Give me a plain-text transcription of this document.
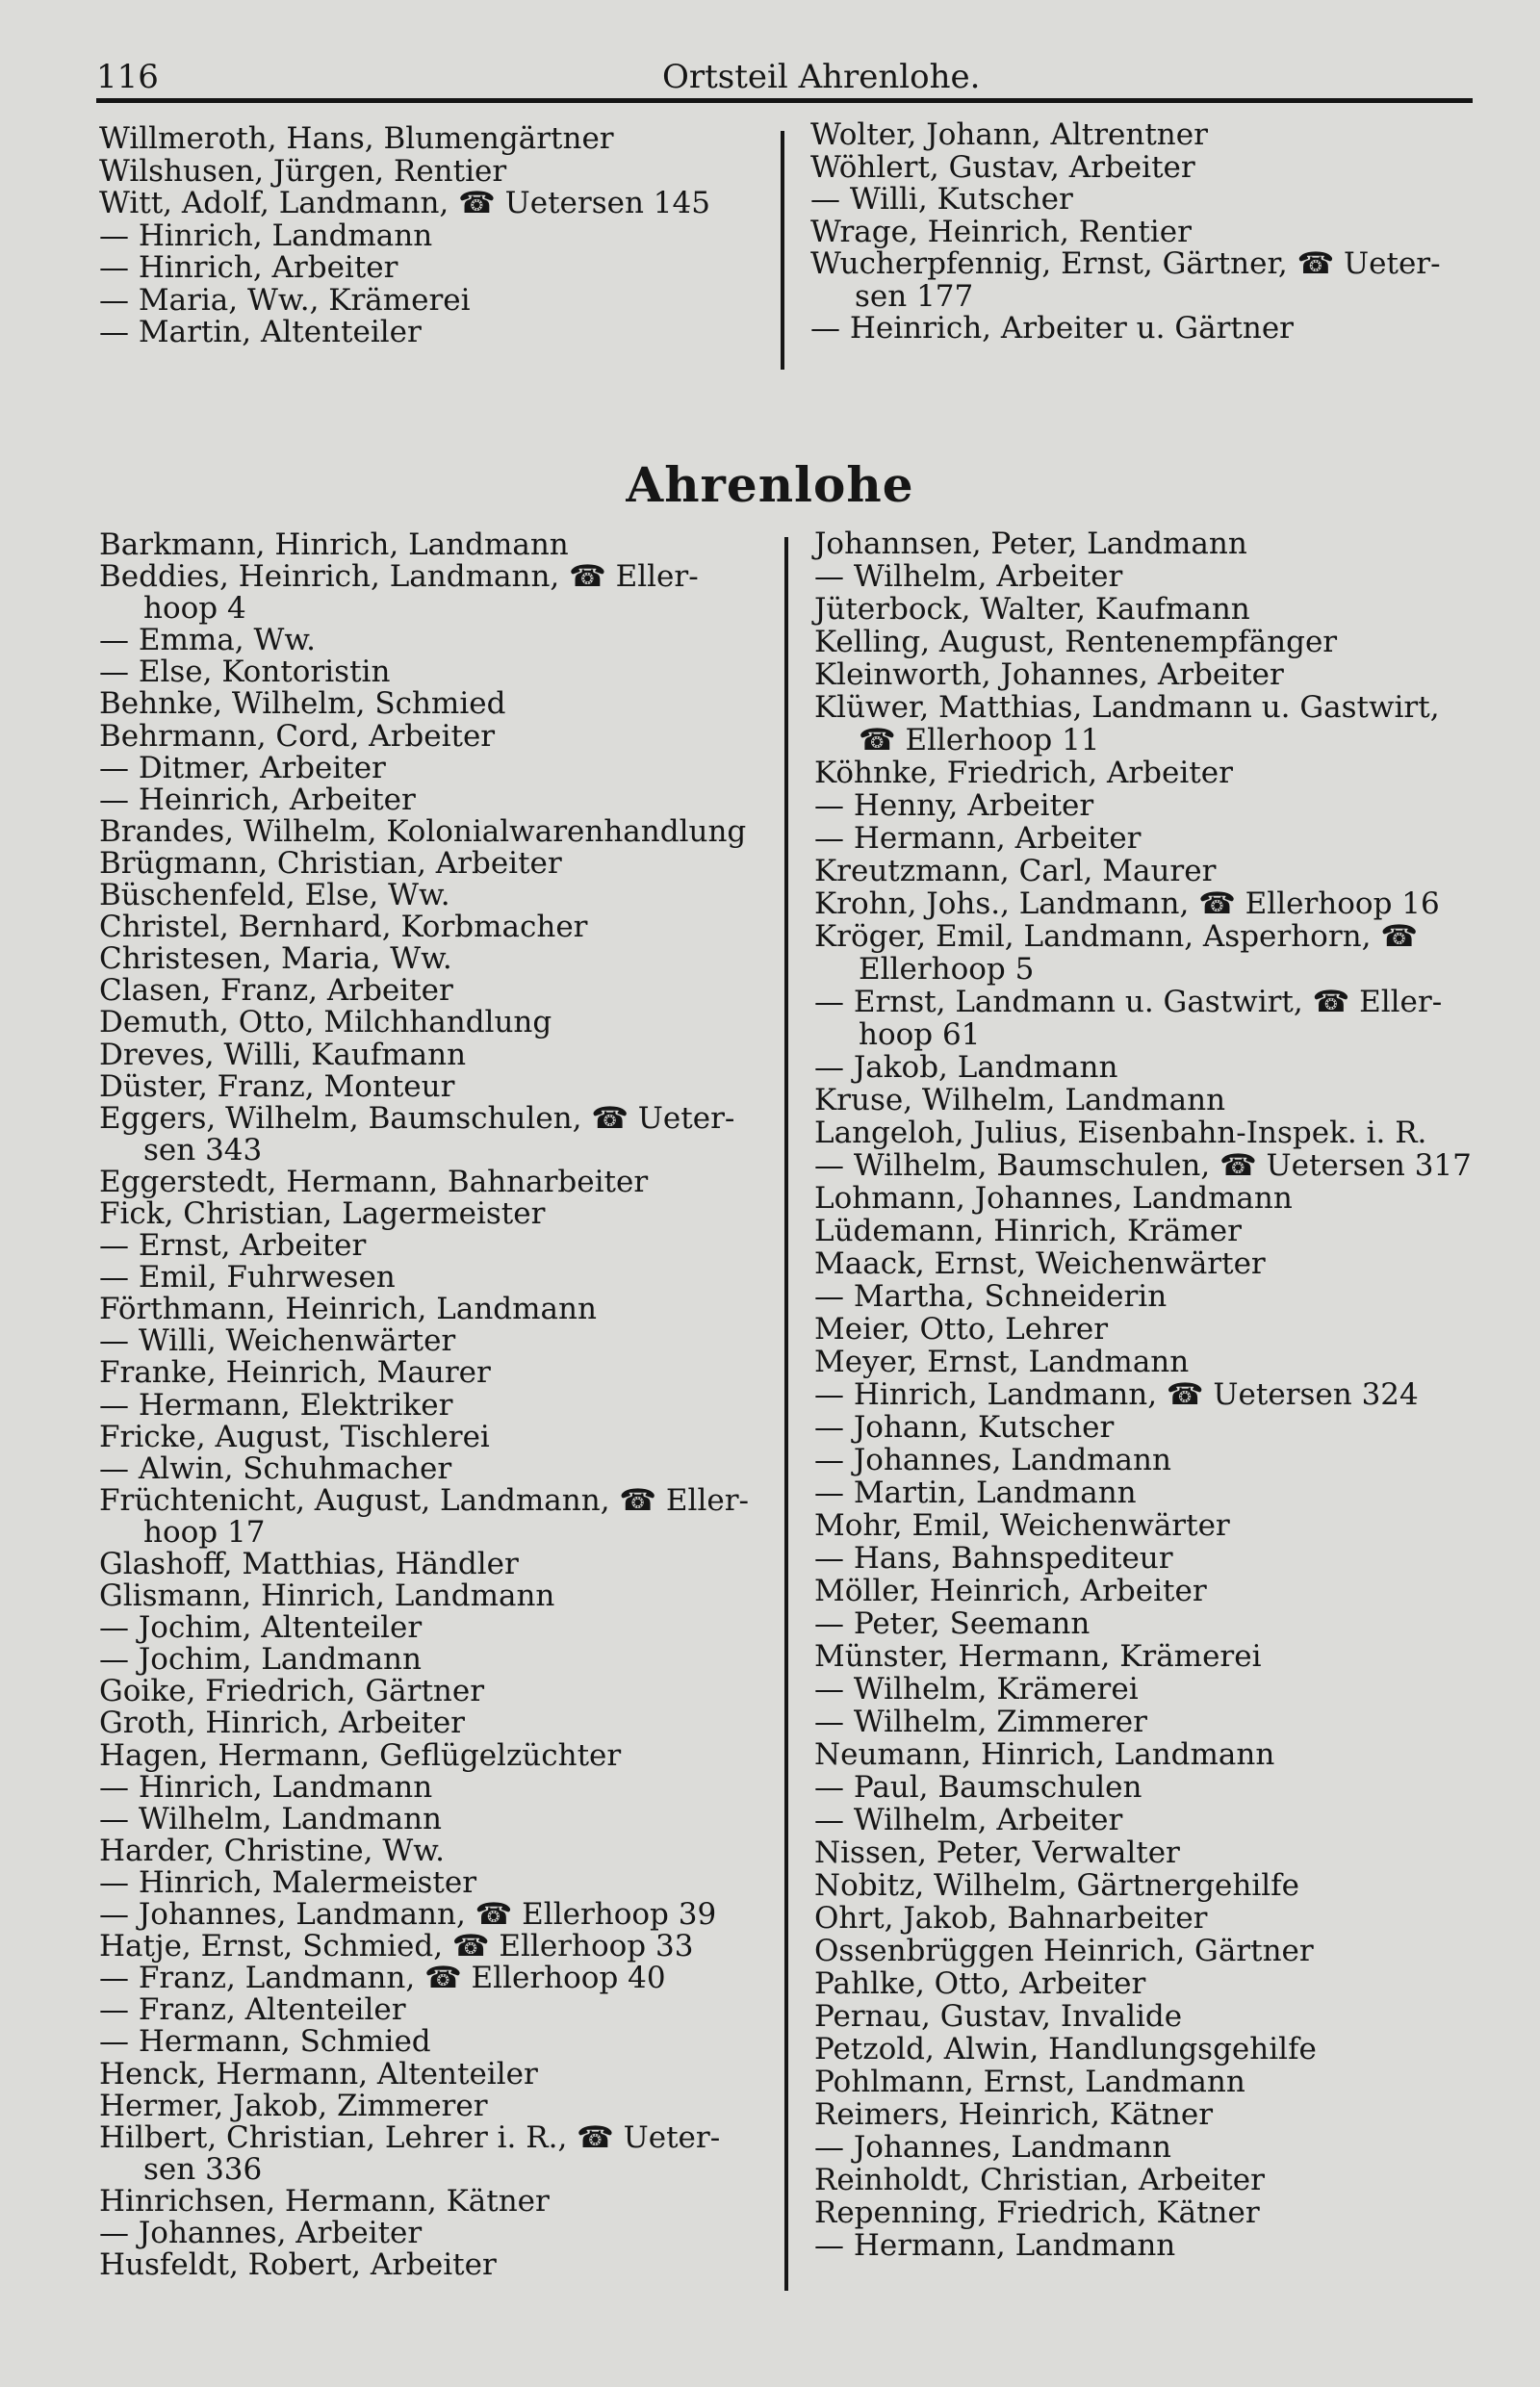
116	Ortsteil Ahrenlohe.
Willmeroth, Hans, Blumengärtner
Wilshusen, Jürgen, Rentier
Witt, Adolf, Landmann, ☎ Uetersen 145
— Hinrich, Landmann
— Hinrich, Arbeiter
— Maria, Ww., Krämerei
— Martin, Altenteiler
Wolter, Johann, Altrentner
Wöhlert, Gustav, Arbeiter
— Willi, Kutscher
Wrage, Heinrich, Rentier
Wucherpfennig, Ernst, Gärtner, ☎ Ueter-
sen 177
— Heinrich, Arbeiter u. Gärtner
Ahrenlohe
Barkmann, Hinrich, Landmann
Beddies, Heinrich, Landmann, ☎ Eller-
hoop 4
— Emma, Ww.
— Else, Kontoristin
Behnke, Wilhelm, Schmied
Behrmann, Cord, Arbeiter
— Ditmer, Arbeiter
— Heinrich, Arbeiter
Brandes, Wilhelm, Kolonialwarenhandlung
Brügmann, Christian, Arbeiter
Büschenfeld, Else, Ww.
Christel, Bernhard, Korbmacher
Christesen, Maria, Ww.
Clasen, Franz, Arbeiter
Demuth, Otto, Milchhandlung
Dreves, Willi, Kaufmann
Düster, Franz, Monteur
Eggers, Wilhelm, Baumschulen, ☎ Ueter-
sen 343
Eggerstedt, Hermann, Bahnarbeiter
Fick, Christian, Lagermeister
— Ernst, Arbeiter
— Emil, Fuhrwesen
Förthmann, Heinrich, Landmann
— Willi, Weichenwärter
Franke, Heinrich, Maurer
— Hermann, Elektriker
Fricke, August, Tischlerei
— Alwin, Schuhmacher
Früchtenicht, August, Landmann, ☎ Eller-
hoop 17
Glashoff, Matthias, Händler
Glismann, Hinrich, Landmann
— Jochim, Altenteiler
— Jochim, Landmann
Goike, Friedrich, Gärtner
Groth, Hinrich, Arbeiter
Hagen, Hermann, Geflügelzüchter
— Hinrich, Landmann
— Wilhelm, Landmann
Harder, Christine, Ww.
— Hinrich, Malermeister
— Johannes, Landmann, ☎ Ellerhoop 39
Hatje, Ernst, Schmied, ☎ Ellerhoop 33
— Franz, Landmann, ☎ Ellerhoop 40
— Franz, Altenteiler
— Hermann, Schmied
Henck, Hermann, Altenteiler
Hermer, Jakob, Zimmerer
Hilbert, Christian, Lehrer i. R., ☎ Ueter-
sen 336
Hinrichsen, Hermann, Kätner
— Johannes, Arbeiter
Husfeldt, Robert, Arbeiter
Johannsen, Peter, Landmann
— Wilhelm, Arbeiter
Jüterbock, Walter, Kaufmann
Kelling, August, Rentenempfänger
Kleinworth, Johannes, Arbeiter
Klüwer, Matthias, Landmann u. Gastwirt,
☎ Ellerhoop 11
Köhnke, Friedrich, Arbeiter
— Henny, Arbeiter
— Hermann, Arbeiter
Kreutzmann, Carl, Maurer
Krohn, Johs., Landmann, ☎ Ellerhoop 16
Kröger, Emil, Landmann, Asperhorn, ☎
Ellerhoop 5
— Ernst, Landmann u. Gastwirt, ☎ Eller-
hoop 61
— Jakob, Landmann
Kruse, Wilhelm, Landmann
Langeloh, Julius, Eisenbahn-Inspek. i. R.
— Wilhelm, Baumschulen, ☎ Uetersen 317
Lohmann, Johannes, Landmann
Lüdemann, Hinrich, Krämer
Maack, Ernst, Weichenwärter
— Martha, Schneiderin
Meier, Otto, Lehrer
Meyer, Ernst, Landmann
— Hinrich, Landmann, ☎ Uetersen 324
— Johann, Kutscher
— Johannes, Landmann
— Martin, Landmann
Mohr, Emil, Weichenwärter
— Hans, Bahnspediteur
Möller, Heinrich, Arbeiter
— Peter, Seemann
Münster, Hermann, Krämerei
— Wilhelm, Krämerei
— Wilhelm, Zimmerer
Neumann, Hinrich, Landmann
— Paul, Baumschulen
— Wilhelm, Arbeiter
Nissen, Peter, Verwalter
Nobitz, Wilhelm, Gärtnergehilfe
Ohrt, Jakob, Bahnarbeiter
Ossenbrüggen Heinrich, Gärtner
Pahlke, Otto, Arbeiter
Pernau, Gustav, Invalide
Petzold, Alwin, Handlungsgehilfe
Pohlmann, Ernst, Landmann
Reimers, Heinrich, Kätner
— Johannes, Landmann
Reinholdt, Christian, Arbeiter
Repenning, Friedrich, Kätner
— Hermann, Landmann
